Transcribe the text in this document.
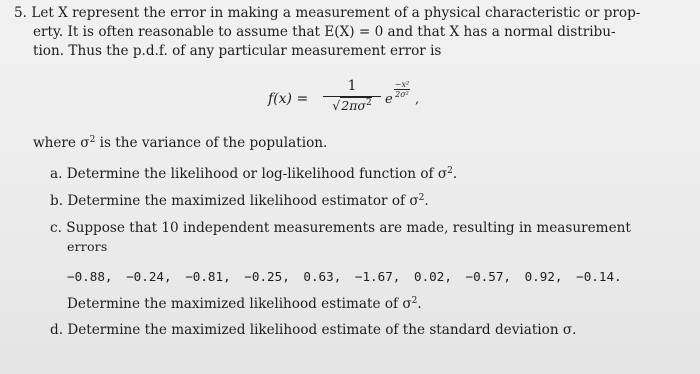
5. Let X represent the error in making a measurement of a physical characteristic or prop-
erty. It is often reasonable to assume that E(X) = 0 and that X has a normal distribu-
tion. Thus the p.d.f. of any particular measurement error is
f(x) =
1
$√2\pi\sigma^2$	e
−x²
2σ² ,
where $\sigma^2$ is the variance of the population.
a. Determine the likelihood or log-likelihood function of $\sigma^2$.
b. Determine the maximized likelihood estimator of $\sigma^2$.
c. Suppose that 10 independent measurements are made, resulting in measurement
errors
−0.88, −0.24, −0.81, −0.25, 0.63, −1.67, 0.02, −0.57, 0.92, −0.14.
Determine the maximized likelihood estimate of $\sigma^2$.
d. Determine the maximized likelihood estimate of the standard deviation σ.
